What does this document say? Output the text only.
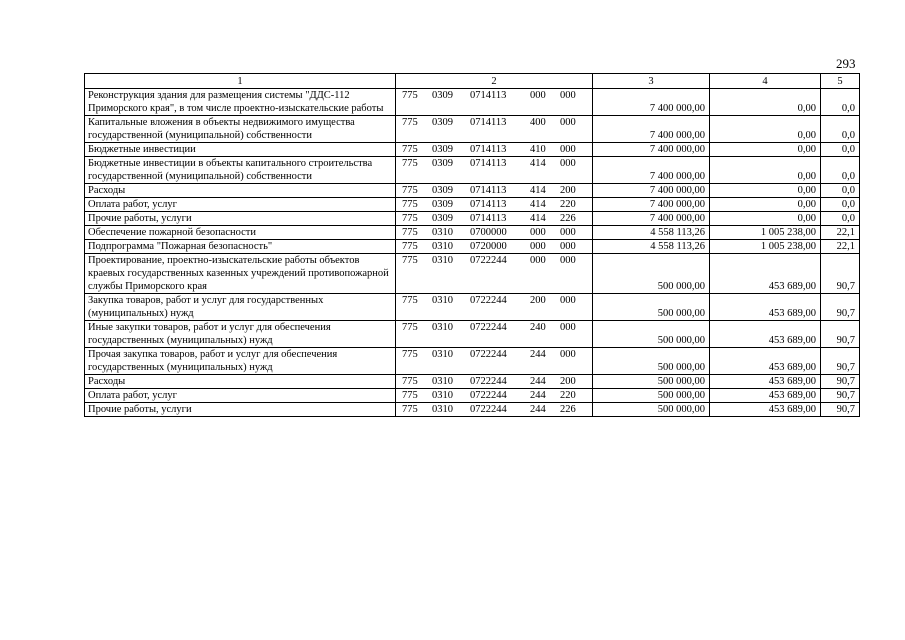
293
1	2	3	4	5
Реконструкция здания для размещения системы "ДДС-112 Приморского края", в том числе проектно-изыскательские работы	775 0309 0714113 000 000	7 400 000,00	0,00	0,0
Капитальные вложения в объекты недвижимого имущества государственной (муниципальной) собственности	775 0309 0714113 400 000	7 400 000,00	0,00	0,0
Бюджетные инвестиции	775 0309 0714113 410 000	7 400 000,00	0,00	0,0
Бюджетные инвестиции в объекты капитального строительства государственной (муниципальной) собственности	775 0309 0714113 414 000	7 400 000,00	0,00	0,0
Расходы	775 0309 0714113 414 200	7 400 000,00	0,00	0,0
Оплата работ, услуг	775 0309 0714113 414 220	7 400 000,00	0,00	0,0
Прочие работы, услуги	775 0309 0714113 414 226	7 400 000,00	0,00	0,0
Обеспечение пожарной безопасности	775 0310 0700000 000 000	4 558 113,26	1 005 238,00	22,1
Подпрограмма "Пожарная безопасность"	775 0310 0720000 000 000	4 558 113,26	1 005 238,00	22,1
Проектирование, проектно-изыскательские работы объектов краевых государственных казенных учреждений противопожарной службы Приморского края	775 0310 0722244 000 000	500 000,00	453 689,00	90,7
Закупка товаров, работ и услуг для государственных (муниципальных) нужд	775 0310 0722244 200 000	500 000,00	453 689,00	90,7
Иные закупки товаров, работ и услуг для обеспечения государственных (муниципальных) нужд	775 0310 0722244 240 000	500 000,00	453 689,00	90,7
Прочая закупка товаров, работ и услуг для обеспечения государственных (муниципальных) нужд	775 0310 0722244 244 000	500 000,00	453 689,00	90,7
Расходы	775 0310 0722244 244 200	500 000,00	453 689,00	90,7
Оплата работ, услуг	775 0310 0722244 244 220	500 000,00	453 689,00	90,7
Прочие работы, услуги	775 0310 0722244 244 226	500 000,00	453 689,00	90,7
